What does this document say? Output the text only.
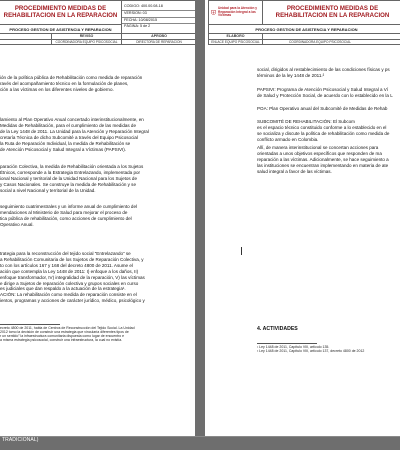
PROCEDIMIENTO MEDIDAS DE REHABILITACION EN LA REPARACION	
CODIGO: 400.00.08-18
VERSION: 03
FECHA: 10/08/2015
PÁGINA: 5 de 2

PROCESO GESTION DE ASISTENCIA Y REPARACION
	REVISO	APROBO
	COORDINADORA EQUIPO PSICOSOCIAL	DIRECTORA DE REPARACION
ión de la política pública de Rehabilitación como medida de reparación
ravés del acompañamiento técnico en la formulación de planes,
ción a las víctimas en los diferentes niveles de gobierno.
lamiento al Plan Operativo Anual concertado interinstitucionalmente, en
Medidas de Rehabilitación, para el cumplimiento de las medidas de
de la Ley 1448 de 2011. La Unidad para la Atención y Reparación Integral
cretaría Técnica de dicho Subcomité a través del Equipo Psicosocial
la Ruta de Reparación Individual, la medida de Rehabilitación se
de Atención Psicosocial y Salud Integral a Víctimas (PAPSIVI).
paración Colectiva, la medida de Rehabilitación orientada a los Sujetos
Étnicos, corresponde a la Estrategia Entrelazando, implementada por
ional Nacional y territorial de la Unidad Nacional para los Sujetos de
y Casos Nacionales. Se construye la medida de Rehabilitación y se
social a nivel Nacional y territorial de la Unidad.
seguimiento cuatrimestrales y un informe anual de cumplimiento del
mendaciones al Ministerio de Salud para mejorar el proceso de
tica pública de rehabilitación, como acciones de cumplimiento del
Operativo Anual.
trategia para la reconstrucción del tejido social “Entrelazando” se
a Rehabilitación Comunitaria de los Sujetos de Reparación Colectiva, y
to con los artículos 167 y 168 del decreto 4800 de 2011. Asume el
ación que contempla la Ley 1448 de 2011: I) enfoque a los daños, II)
enfoque transformador, IV) integralidad de la reparación, V) las víctimas
e dirige a Sujetos de reparación colectiva y grupos sociales en curso
es judiciales que dan respaldo a la actuación de la estrategia¹.
ACIÓN: La rehabilitación como medida de reparación consiste en el
ientos, programas y acciones de carácter jurídico, médico, psicológico y
ecreto 4800 de 2011, habla de Centros de Reconstrucción del Tejido Social. La Unidad
2012 tomo la decisión de construir una estrategia que vincularía diferentes tipos de
r un sentido” la infraestructura comunitaria dispuesta como lugar de encuentro e
a misma estrategia psicosocial, construir una infraestructura, la cual no existía.
Unidad para la Atención y Reparación Integral a las Víctimas
	PROCEDIMIENTO MEDIDAS DE REHABILITACION EN LA REPARACION
PROCESO GESTION DE ASISTENCIA Y REPARACION
ELABORO	
ENLACE EQUIPO PSICOSOCIAL	COORDINADORA EQUIPO PSICOSOCIAL
social, dirigidos al restablecimiento de las condiciones físicas y ps
términos de la ley 1448 de 2011.²
PAPSIVI: Programa de Atención Psicosocial y Salud Integral a Ví
de Salud y Protección Social, de acuerdo con lo establecido en la L
POA: Plan Operativo anual del Subcomité de Medidas de Rehab
SUBCOMITÉ DE REHABILITACIÓN: El Subcom
es el espacio técnico constituido conforme a lo establecido en el
se socializa y discute la política de rehabilitación como medida de
conflicto armado en Colombia.
Allí, de manera interinstitucional se concertan acciones para
orientadas a unos objetivos específicos que responden de ma
reparación a las víctimas. Adicionalmente, se hace seguimiento a
las instituciones se encuentran implementando en materia de ate
salud integral a favor de las víctimas.
4. ACTIVIDADES
¹ Ley 1448 de 2011, Capítulo VIII, artículo 135.
² Ley 1448 de 2011, Capítulo VIII, artículo 137, decreto 4800 de 2012
TRADICIONAL)
